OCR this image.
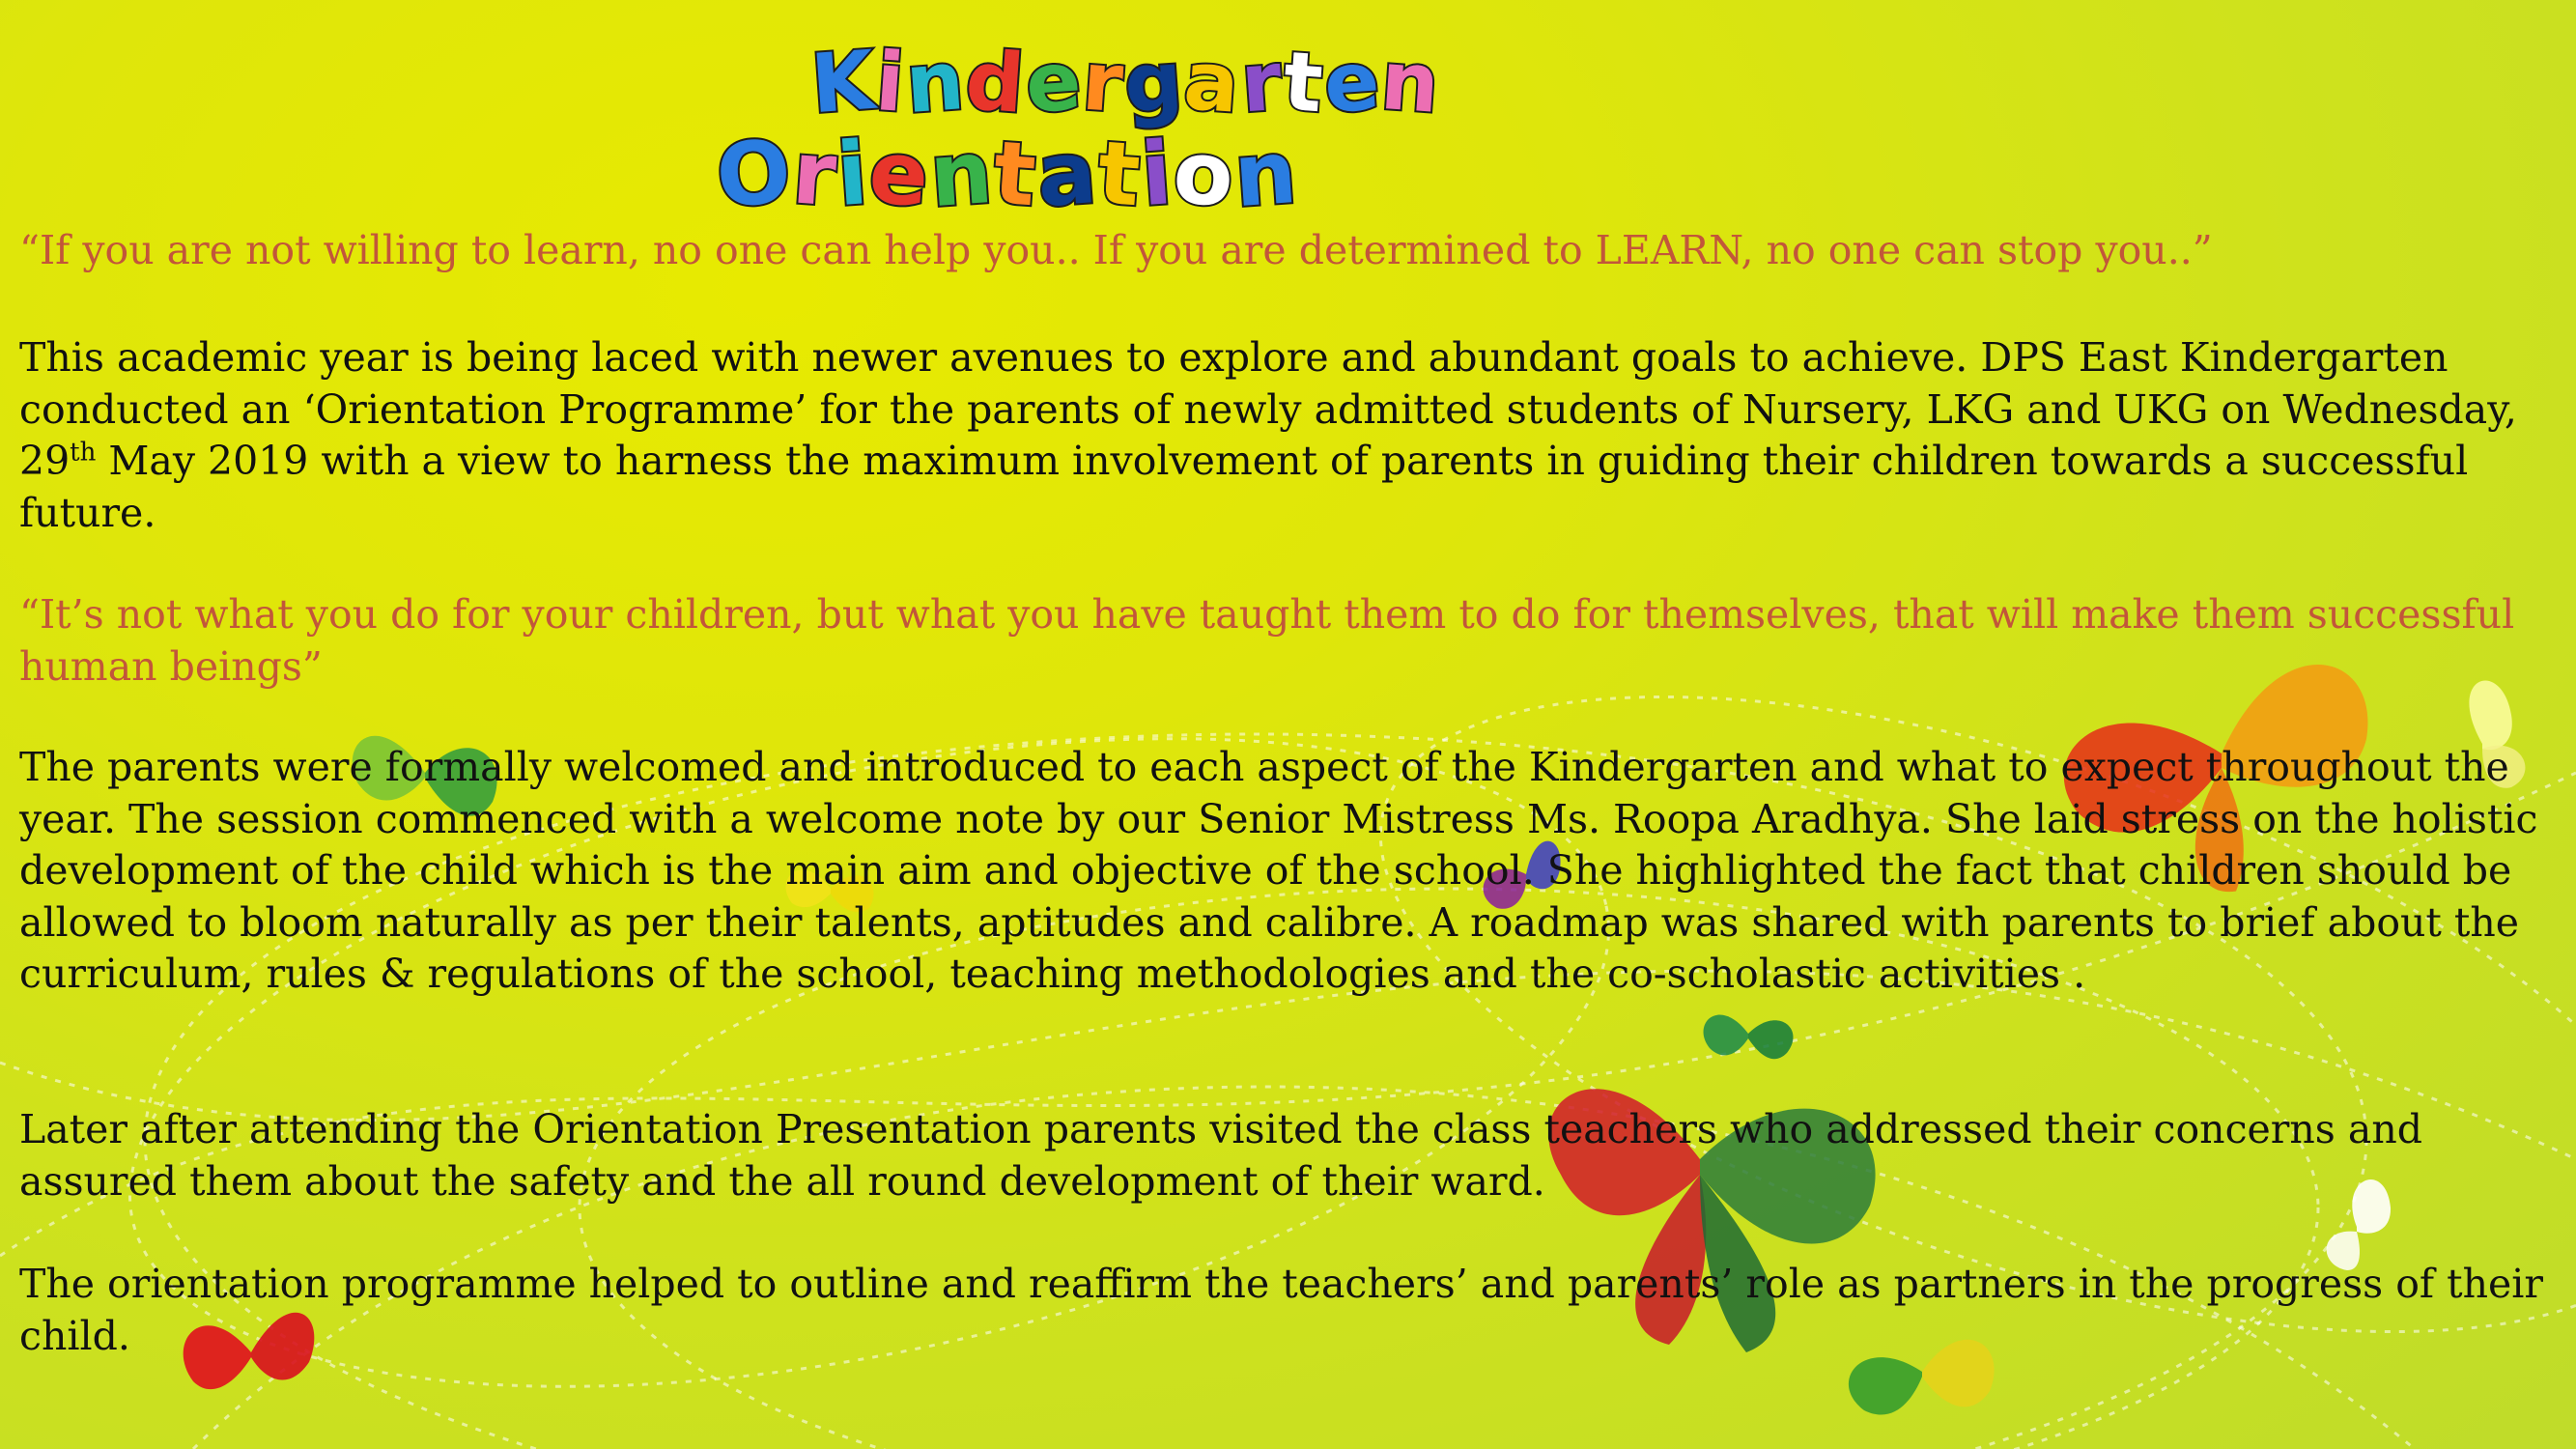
Kindergarten
Orientation
“If you are not willing to learn, no one can help you.. If you are determined to LEARN, no one can stop you..”
This academic year is being laced with newer avenues to explore and abundant goals to achieve. DPS East Kindergarten conducted an ‘Orientation Programme’ for the parents of newly admitted students of Nursery, LKG and UKG on Wednesday, 29th May 2019 with a view to harness the maximum involvement of parents in guiding their children towards a successful future.
“It’s not what you do for your children, but what you have taught them to do for themselves, that will make them successful human beings”
The parents were formally welcomed and introduced to each aspect of the Kindergarten and what to expect throughout the year. The session commenced with a welcome note by our Senior Mistress Ms. Roopa Aradhya. She laid stress on the holistic development of the child which is the main aim and objective of the school. She highlighted the fact that children should be allowed to bloom naturally as per their talents, aptitudes and calibre. A roadmap was shared with parents to brief about the curriculum, rules & regulations of the school, teaching methodologies and the co-scholastic activities .
Later after attending the Orientation Presentation parents visited the class teachers who addressed their concerns and assured them about the safety and the all round development of their ward.
The orientation programme helped to outline and reaffirm the teachers’ and parents’ role as partners in the progress of their child.
